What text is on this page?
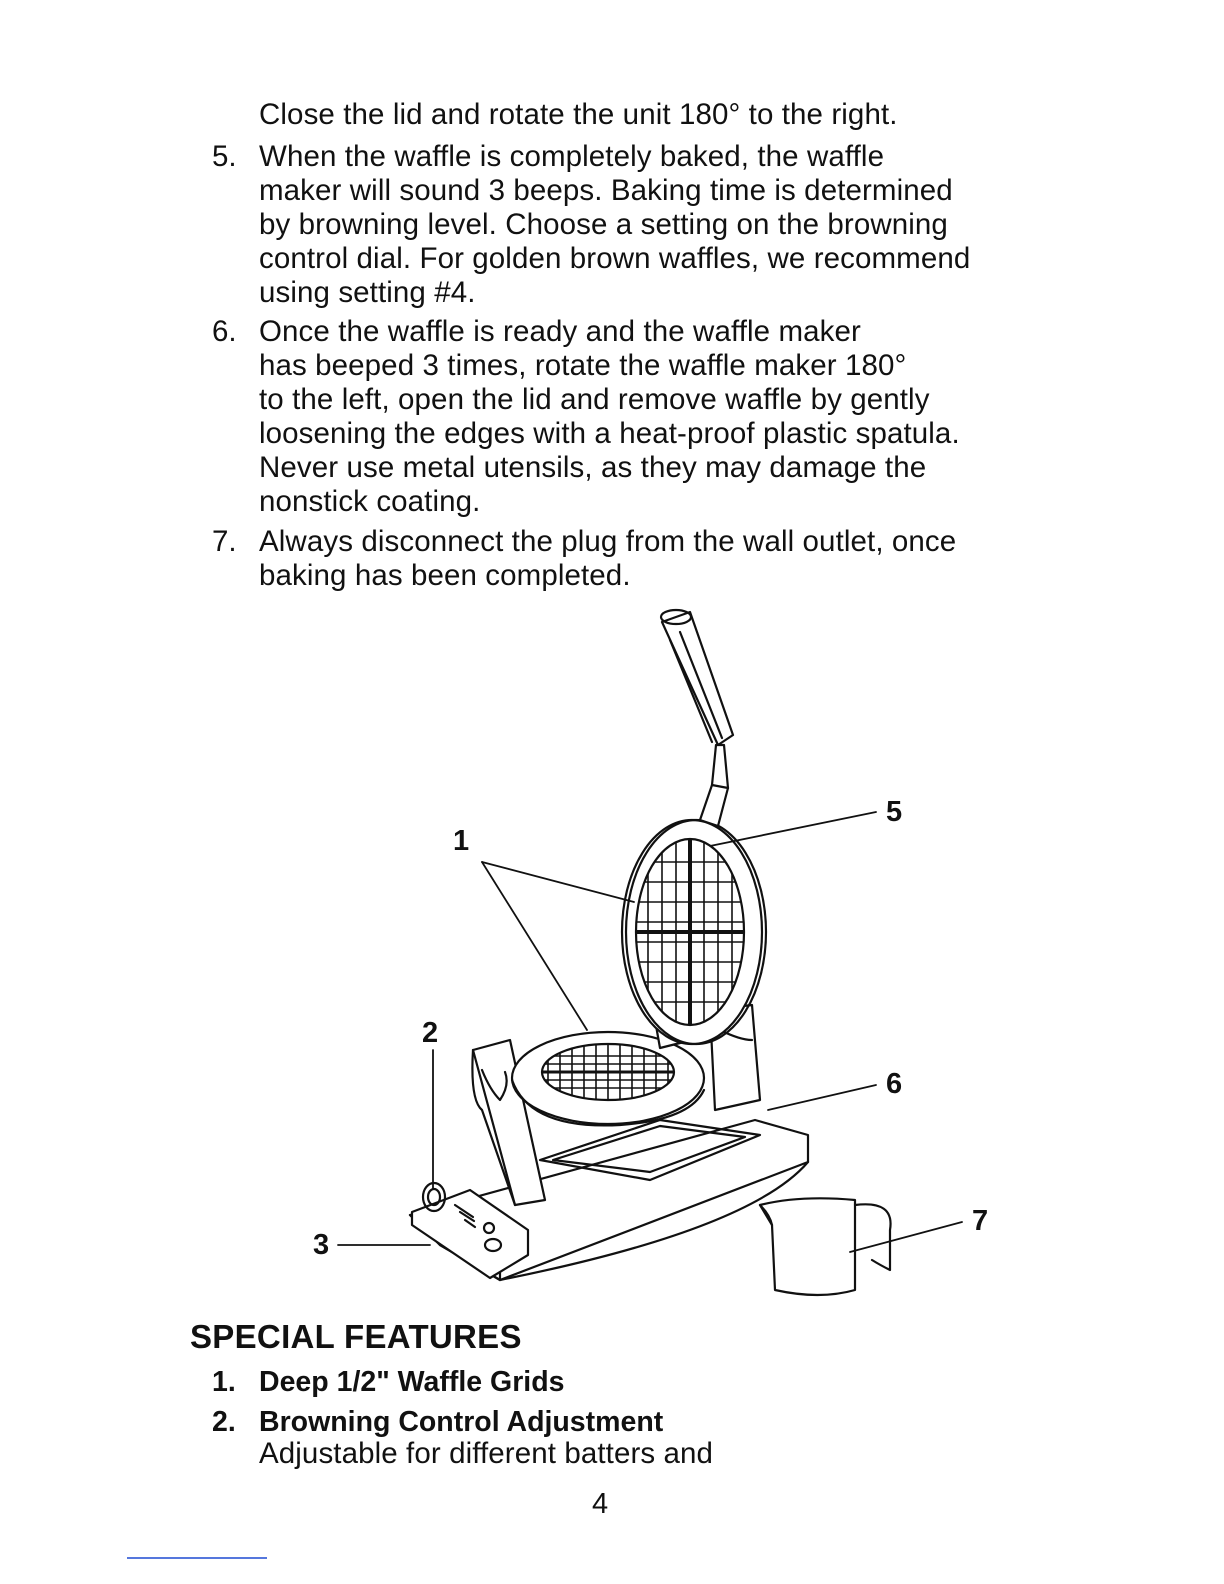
Close the lid and rotate the unit 180° to the right.
5. When the waffle is completely baked, the waffle
maker will sound 3 beeps. Baking time is determined
by browning level. Choose a setting on the browning
control dial. For golden brown waffles, we recommend
using setting #4.
6. Once the waffle is ready and the waffle maker
has beeped 3 times, rotate the waffle maker 180°
to the left, open the lid and remove waffle by gently
loosening the edges with a heat-proof plastic spatula.
Never use metal utensils, as they may damage the
nonstick coating.
7. Always disconnect the plug from the wall outlet, once
baking has been completed.
1
2
3
5
6
7
SPECIAL FEATURES
1. Deep 1/2" Waffle Grids
2. Browning Control Adjustment
Adjustable for different batters and
4
